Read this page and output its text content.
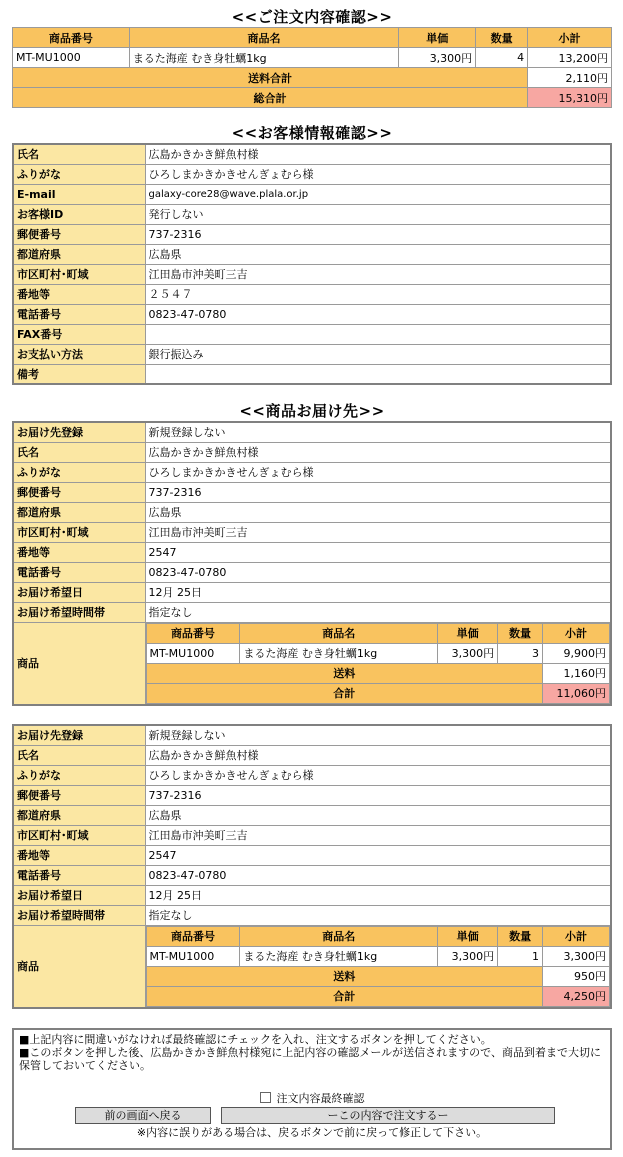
<<ご注文内容確認>>
商品番号	商品名	単価	数量	小計
MT-MU1000	まるた海産 むき身牡蠣1kg	3,300円	4	13,200円
送料合計				2,110円
総合計				15,310円
<<お客様情報確認>>
氏名	広島かきかき鮮魚村様
ふりがな	ひろしまかきかきせんぎょむら様
E-mail	galaxy-core28@wave.plala.or.jp
お客様ID	発行しない
郵便番号	737-2316
都道府県	広島県
市区町村･町域	江田島市沖美町三吉
番地等	２５４７
電話番号	0823-47-0780
FAX番号	
お支払い方法	銀行振込み
備考	
<<商品お届け先>>
お届け先登録	新規登録しない
氏名	広島かきかき鮮魚村様
ふりがな	ひろしまかきかきせんぎょむら様
郵便番号	737-2316
都道府県	広島県
市区町村･町域	江田島市沖美町三吉
番地等	2547
電話番号	0823-47-0780
お届け希望日	12月 25日
お届け希望時間帯	指定なし
商品	
商品番号	商品名	単価	数量	小計
MT-MU1000	まるた海産 むき身牡蠣1kg	3,300円	3	9,900円
送料	1,160円
合計	11,060円
お届け先登録	新規登録しない
氏名	広島かきかき鮮魚村様
ふりがな	ひろしまかきかきせんぎょむら様
郵便番号	737-2316
都道府県	広島県
市区町村･町域	江田島市沖美町三吉
番地等	2547
電話番号	0823-47-0780
お届け希望日	12月 25日
お届け希望時間帯	指定なし
商品	
商品番号	商品名	単価	数量	小計
MT-MU1000	まるた海産 むき身牡蠣1kg	3,300円	1	3,300円
送料	950円
合計	4,250円
■上記内容に間違いがなければ最終確認にチェックを入れ、注文するボタンを押してください。
■このボタンを押した後、広島かきかき鮮魚村様宛に上記内容の確認メールが送信されますので、商品到着まで大切に保管しておいてください。
注文内容最終確認
前の画面へ戻る	ーこの内容で注文するー
※内容に誤りがある場合は、戻るボタンで前に戻って修正して下さい。
